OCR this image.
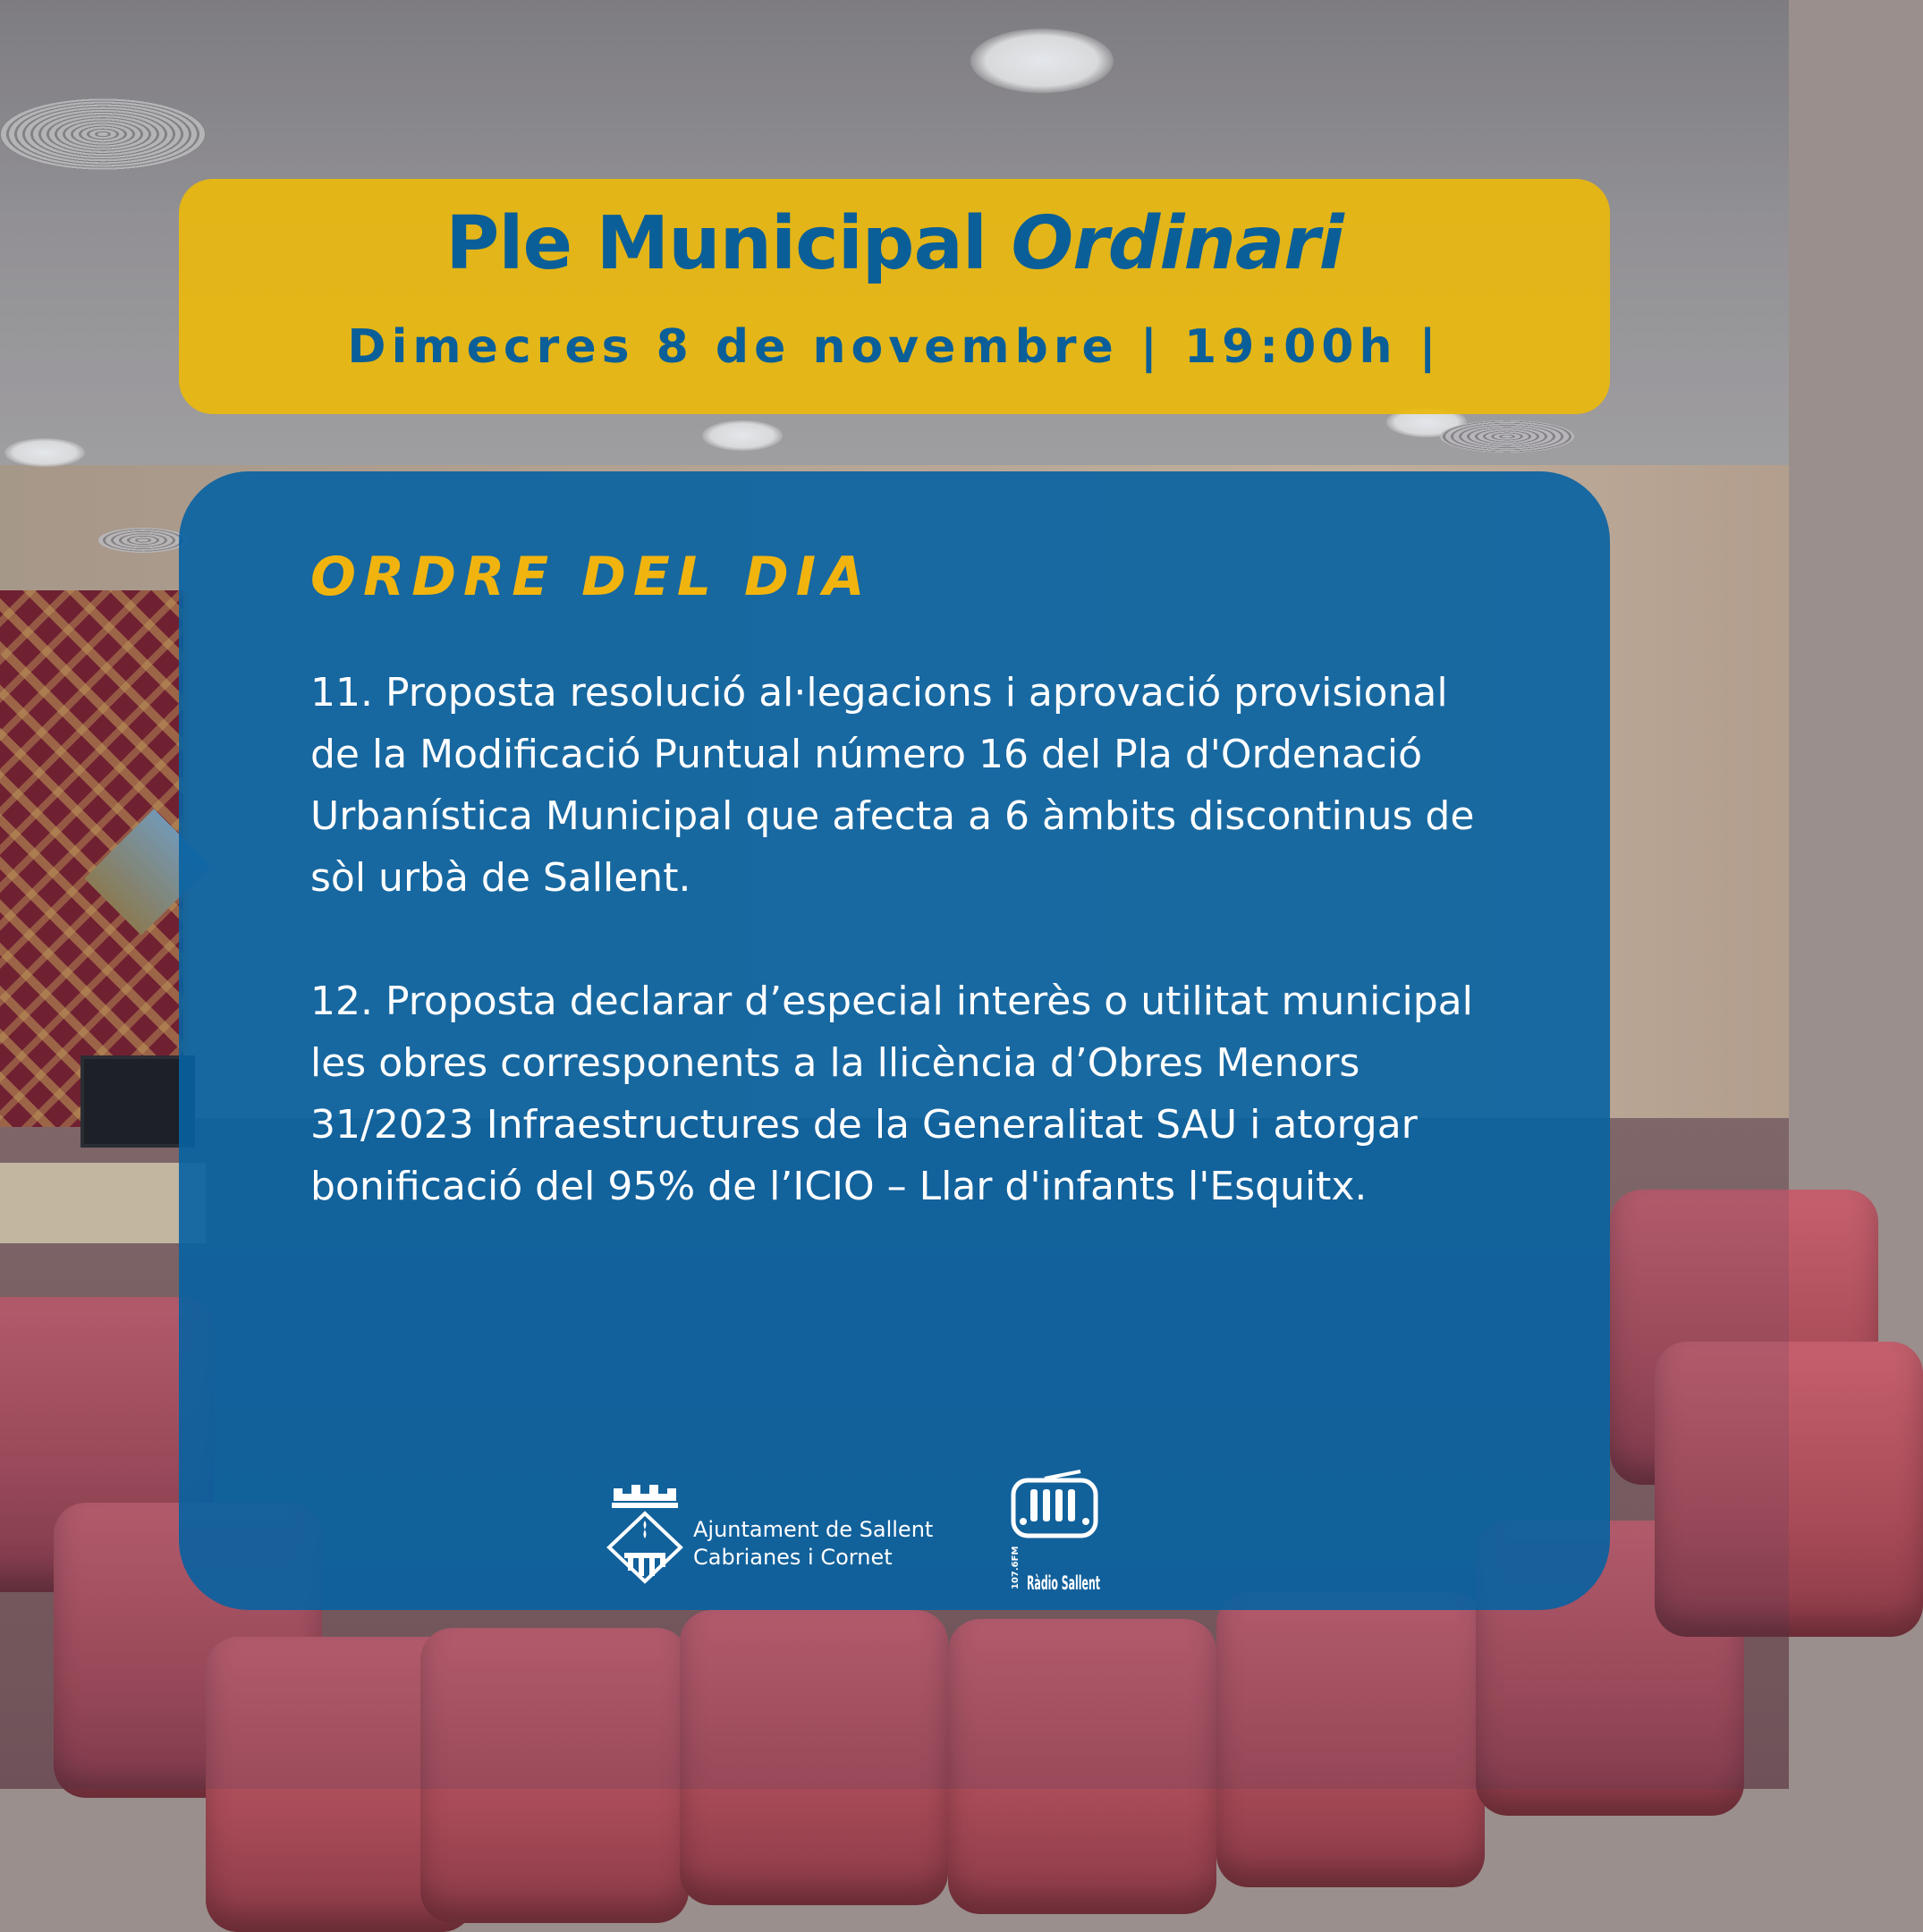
Ple Municipal Ordinari
Dimecres 8 de novembre | 19:00h |
ORDRE DEL DIA

11. Proposta resolució al·legacions i aprovació provisional de la Modificació Puntual número 16 del Pla d'Ordenació Urbanística Municipal que afecta a 6 àmbits discontinus de sòl urbà de Sallent.

12. Proposta declarar d’especial interès o utilitat municipal les obres corresponents a la llicència d’Obres Menors 31/2023 Infraestructures de la Generalitat SAU i atorgar bonificació del 95% de l’ICIO – Llar d'infants l'Esquitx.

Ajuntament de Sallent
Cabrianes i Cornet	107.6FM Ràdio Sallent
